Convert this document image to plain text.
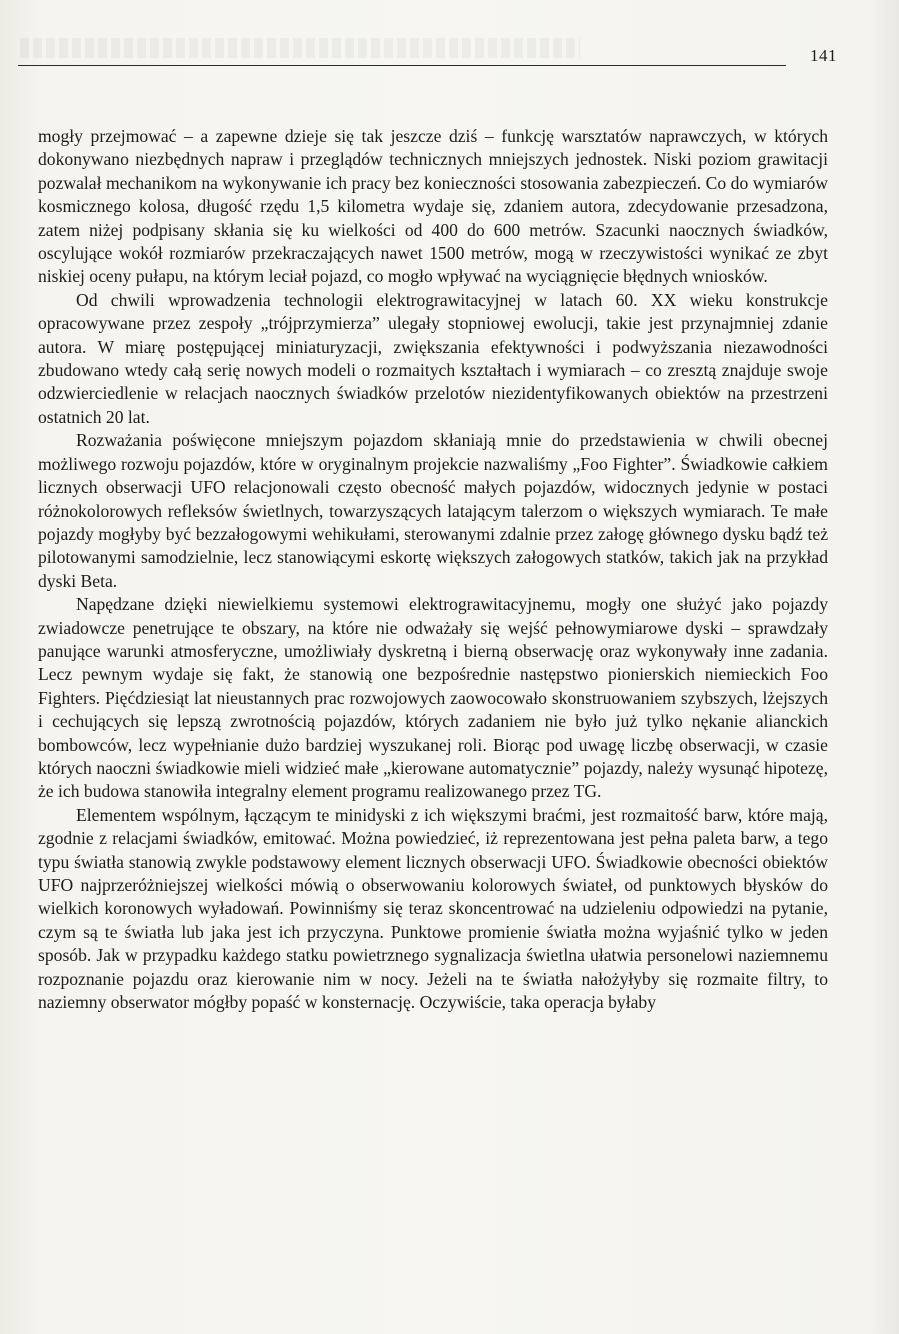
141

mogły przejmować – a zapewne dzieje się tak jeszcze dziś – funkcję warsztatów naprawczych, w których dokonywano niezbędnych napraw i przeglądów technicznych mniejszych jednostek. Niski poziom grawitacji pozwalał mechanikom na wykonywanie ich pracy bez konieczności stosowania zabezpieczeń. Co do wymiarów kosmicznego kolosa, długość rzędu 1,5 kilometra wydaje się, zdaniem autora, zdecydowanie przesadzona, zatem niżej podpisany skłania się ku wielkości od 400 do 600 metrów. Szacunki naocznych świadków, oscylujące wokół rozmiarów przekraczających nawet 1500 metrów, mogą w rzeczywistości wynikać ze zbyt niskiej oceny pułapu, na którym leciał pojazd, co mogło wpływać na wyciągnięcie błędnych wniosków.

Od chwili wprowadzenia technologii elektrograwitacyjnej w latach 60. XX wieku konstrukcje opracowywane przez zespoły „trójprzymierza” ulegały stopniowej ewolucji, takie jest przynajmniej zdanie autora. W miarę postępującej miniaturyzacji, zwiększania efektywności i podwyższania niezawodności zbudowano wtedy całą serię nowych modeli o rozmaitych kształtach i wymiarach – co zresztą znajduje swoje odzwierciedlenie w relacjach naocznych świadków przelotów niezidentyfikowanych obiektów na przestrzeni ostatnich 20 lat.

Rozważania poświęcone mniejszym pojazdom skłaniają mnie do przedstawienia w chwili obecnej możliwego rozwoju pojazdów, które w oryginalnym projekcie nazwaliśmy „Foo Fighter”. Świadkowie całkiem licznych obserwacji UFO relacjonowali często obecność małych pojazdów, widocznych jedynie w postaci różnokolorowych refleksów świetlnych, towarzyszących latającym talerzom o większych wymiarach. Te małe pojazdy mogłyby być bezzałogowymi wehikułami, sterowanymi zdalnie przez załogę głównego dysku bądź też pilotowanymi samodzielnie, lecz stanowiącymi eskortę większych załogowych statków, takich jak na przykład dyski Beta.

Napędzane dzięki niewielkiemu systemowi elektrograwitacyjnemu, mogły one służyć jako pojazdy zwiadowcze penetrujące te obszary, na które nie odważały się wejść pełnowymiarowe dyski – sprawdzały panujące warunki atmosferyczne, umożliwiały dyskretną i bierną obserwację oraz wykonywały inne zadania. Lecz pewnym wydaje się fakt, że stanowią one bezpośrednie następstwo pionierskich niemieckich Foo Fighters. Pięćdziesiąt lat nieustannych prac rozwojowych zaowocowało skonstruowaniem szybszych, lżejszych i cechujących się lepszą zwrotnością pojazdów, których zadaniem nie było już tylko nękanie alianckich bombowców, lecz wypełnianie dużo bardziej wyszukanej roli. Biorąc pod uwagę liczbę obserwacji, w czasie których naoczni świadkowie mieli widzieć małe „kierowane automatycznie” pojazdy, należy wysunąć hipotezę, że ich budowa stanowiła integralny element programu realizowanego przez TG.

Elementem wspólnym, łączącym te minidyski z ich większymi braćmi, jest rozmaitość barw, które mają, zgodnie z relacjami świadków, emitować. Można powiedzieć, iż reprezentowana jest pełna paleta barw, a tego typu światła stanowią zwykle podstawowy element licznych obserwacji UFO. Świadkowie obecności obiektów UFO najprzeróżniejszej wielkości mówią o obserwowaniu kolorowych świateł, od punktowych błysków do wielkich koronowych wyładowań. Powinniśmy się teraz skoncentrować na udzieleniu odpowiedzi na pytanie, czym są te światła lub jaka jest ich przyczyna. Punktowe promienie światła można wyjaśnić tylko w jeden sposób. Jak w przypadku każdego statku powietrznego sygnalizacja świetlna ułatwia personelowi naziemnemu rozpoznanie pojazdu oraz kierowanie nim w nocy. Jeżeli na te światła nałożyłyby się rozmaite filtry, to naziemny obserwator mógłby popaść w konsternację. Oczywiście, taka operacja byłaby
